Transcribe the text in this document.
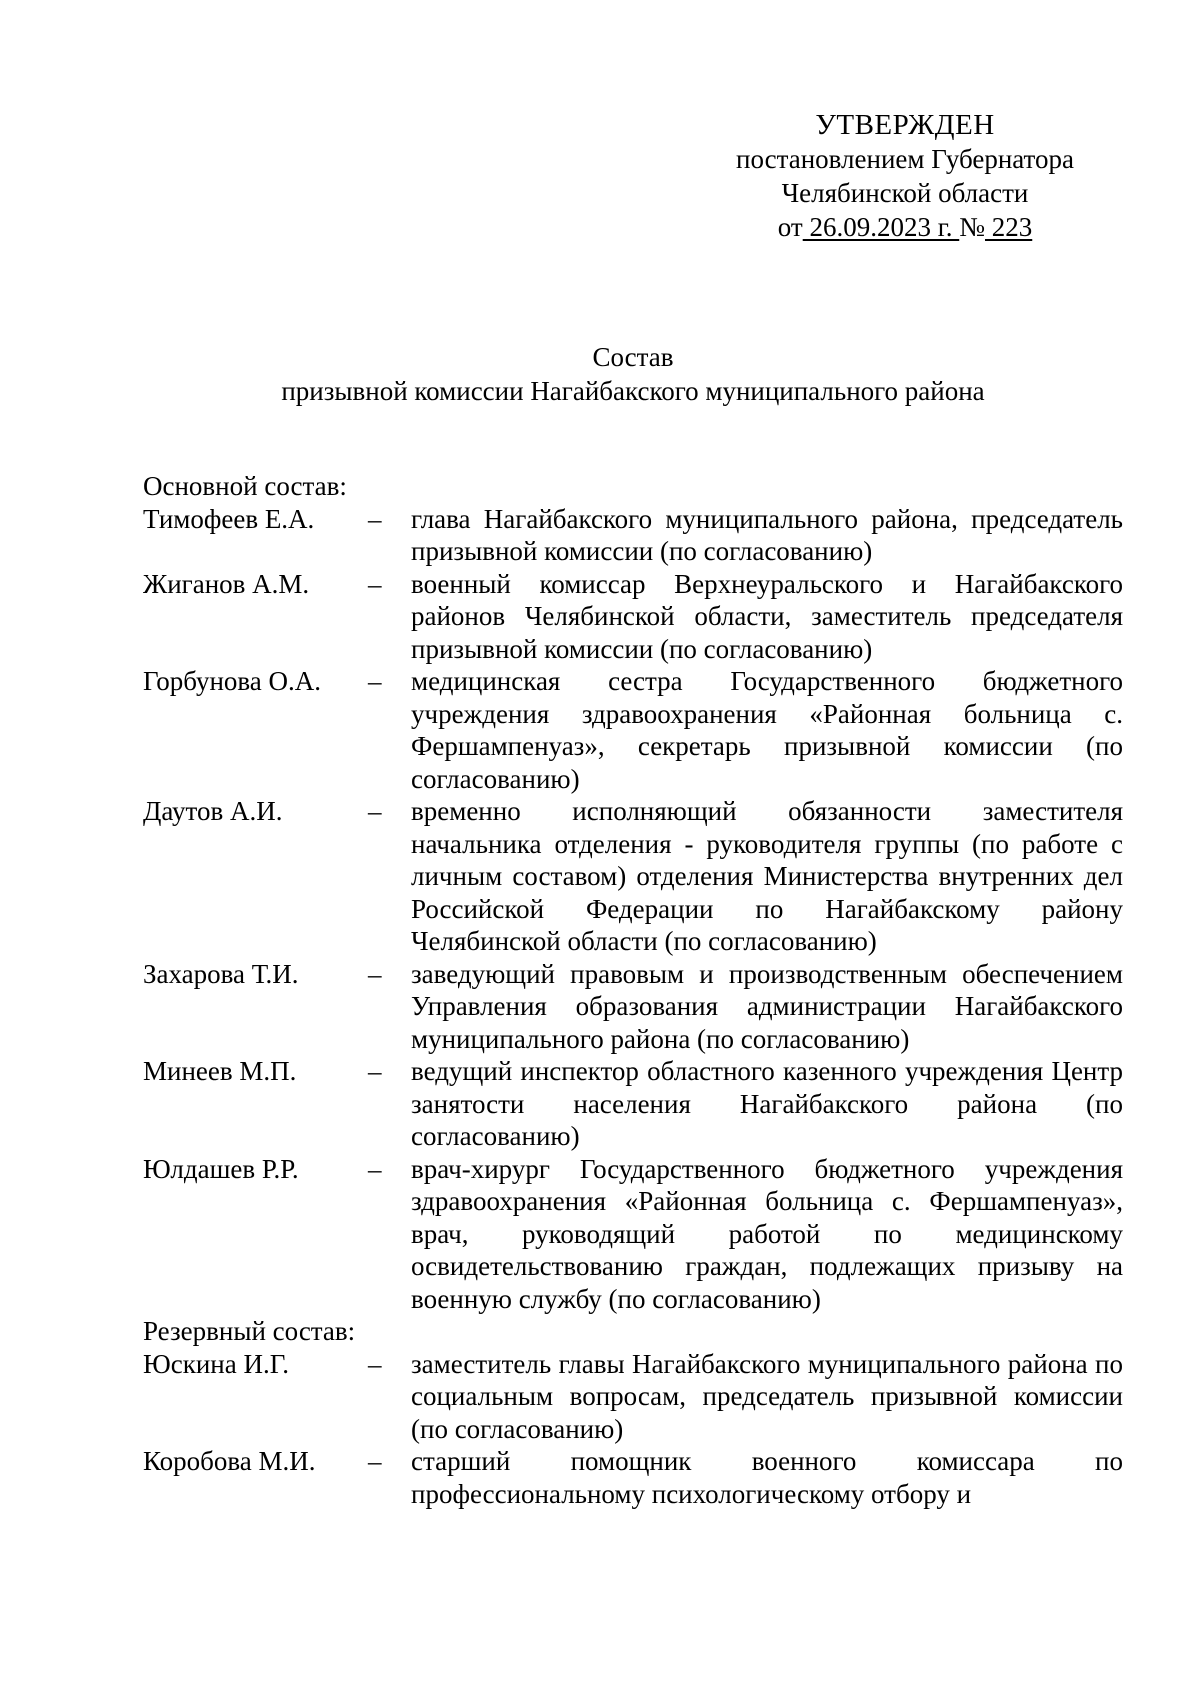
УТВЕРЖДЕН
постановлением Губернатора
Челябинской области
от 26.09.2023 г. № 223
Состав
призывной комиссии Нагайбакского муниципального района
Основной состав:
Тимофеев Е.А.	–	глава Нагайбакского муниципального района, председатель призывной комиссии (по согласованию)
Жиганов А.М.	–	военный комиссар Верхнеуральского и Нагайбакского районов Челябинской области, заместитель председателя призывной комиссии (по согласованию)
Горбунова О.А.	–	медицинская сестра Государственного бюджетного учреждения здравоохранения «Районная больница с. Фершампенуаз», секретарь призывной комиссии (по согласованию)
Даутов А.И.	–	временно исполняющий обязанности заместителя начальника отделения - руководителя группы (по работе с личным составом) отделения Министерства внутренних дел Российской Федерации по Нагайбакскому району Челябинской области (по согласованию)
Захарова Т.И.	–	заведующий правовым и производственным обеспечением Управления образования администрации Нагайбакского муниципального района (по согласованию)
Минеев М.П.	–	ведущий инспектор областного казенного учреждения Центр занятости населения Нагайбакского района (по согласованию)
Юлдашев Р.Р.	–	врач-хирург Государственного бюджетного учреждения здравоохранения «Районная больница с. Фершампенуаз», врач, руководящий работой по медицинскому освидетельствованию граждан, подлежащих призыву на военную службу (по согласованию)
Резервный состав:
Юскина И.Г.	–	заместитель главы Нагайбакского муниципального района по социальным вопросам, председатель призывной комиссии (по согласованию)
Коробова М.И.	–	старший помощник военного комиссара по профессиональному психологическому отбору и
